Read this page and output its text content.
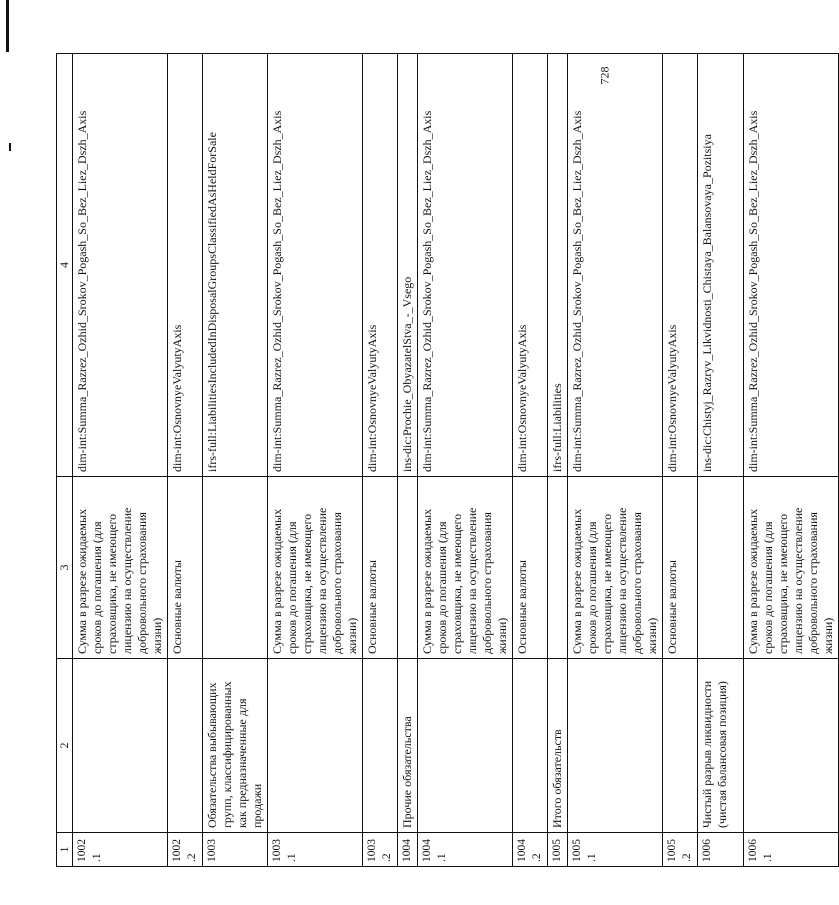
1	2	3	4
1002.1		Сумма в разрезе ожидаемых сроков до погашения (для страховщика, не имеющего лицензию на осуществление добровольного страхования жизни)	dim-int:Summa_Razrez_Ozhid_Srokov_Pogash_So_Bez_Liez_Dszh_Axis
1002.2		Основные валюты	dim-int:OsnovnyeValyutyAxis
1003	Обязательства выбывающих групп, классифицированных как предназначенные для продажи		ifrs-full:LiabilitiesIncludedInDisposalGroupsClassifiedAsHeldForSale
1003.1		Сумма в разрезе ожидаемых сроков до погашения (для страховщика, не имеющего лицензию на осуществление добровольного страхования жизни)	dim-int:Summa_Razrez_Ozhid_Srokov_Pogash_So_Bez_Liez_Dszh_Axis
1003.2		Основные валюты	dim-int:OsnovnyeValyutyAxis
1004	Прочие обязательства		ins-dic:Prochie_ObyazatelStva_-_Vsego
1004.1		Сумма в разрезе ожидаемых сроков до погашения (для страховщика, не имеющего лицензию на осуществление добровольного страхования жизни)	dim-int:Summa_Razrez_Ozhid_Srokov_Pogash_So_Bez_Liez_Dszh_Axis
1004.2		Основные валюты	dim-int:OsnovnyeValyutyAxis
1005	Итого обязательств		ifrs-full:Liabilities
1005.1		Сумма в разрезе ожидаемых сроков до погашения (для страховщика, не имеющего лицензию на осуществление добровольного страхования жизни)	dim-int:Summa_Razrez_Ozhid_Srokov_Pogash_So_Bez_Liez_Dszh_Axis
1005.2		Основные валюты	dim-int:OsnovnyeValyutyAxis
1006	Чистый разрыв ликвидности (чистая балансовая позиция)		ins-dic:Chistyj_Razryv_Likvidnosti_Chistaya_Balansovaya_Pozitsiya
1006.1		Сумма в разрезе ожидаемых сроков до погашения (для страховщика, не имеющего лицензию на осуществление добровольного страхования жизни)	dim-int:Summa_Razrez_Ozhid_Srokov_Pogash_So_Bez_Liez_Dszh_Axis
728
